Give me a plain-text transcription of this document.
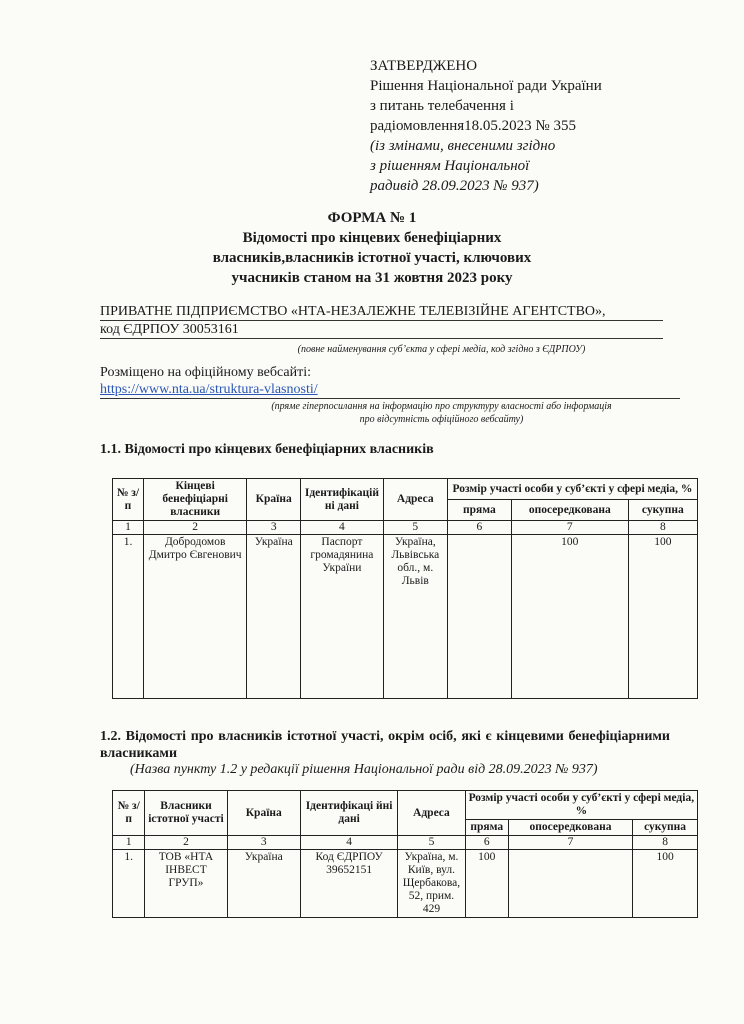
ЗАТВЕРДЖЕНО
Рішення Національної ради України
з питань телебачення і
радіомовлення18.05.2023 № 355
(із змінами, внесеними згідно
з рішенням Національної
радивід 28.09.2023 № 937)
ФОРМА № 1
Відомості про кінцевих бенефіціарних
власників,власників істотної участі, ключових
учасників станом на 31 жовтня 2023 року
ПРИВАТНЕ ПІДПРИЄМСТВО «НТА-НЕЗАЛЕЖНЕ ТЕЛЕВІЗІЙНЕ АГЕНТСТВО»,
код ЄДРПОУ 30053161
(повне найменування суб’єкта у сфері медіа, код згідно з ЄДРПОУ)
Розміщено на офіційному вебсайті:
https://www.nta.ua/struktura-vlasnosti/
(пряме гіперпосилання на інформацію про структуру власності або інформація
про відсутність офіційного вебсайту)
1.1. Відомості про кінцевих бенефіціарних власників
№ з/п	Кінцеві бенефіціарні власники	Країна	Ідентифікацій ні дані	Адреса	Розмір участі особи у суб’єкті у сфері медіа, %		
					пряма	опосередкована	сукупна
1	2	3	4	5	6	7	8
1.	Добродомов Дмитро Євгенович	Україна	Паспорт громадянина України	Україна, Львівська обл., м. Львів		100	100
1.2. Відомості про власників істотної участі, окрім осіб, які є кінцевими бенефіціарними власниками
(Назва пункту 1.2 у редакції рішення Національної ради від 28.09.2023 № 937)
№ з/п	Власники істотної участі	Країна	Ідентифікаці йні дані	Адреса	Розмір участі особи у суб’єкті у сфері медіа, %		
					пряма	опосередкована	сукупна
1	2	3	4	5	6	7	8
1.	ТОВ «НТА ІНВЕСТ ГРУП»	Україна	Код ЄДРПОУ 39652151	Україна, м. Київ, вул. Щербакова, 52, прим. 429	100		100
